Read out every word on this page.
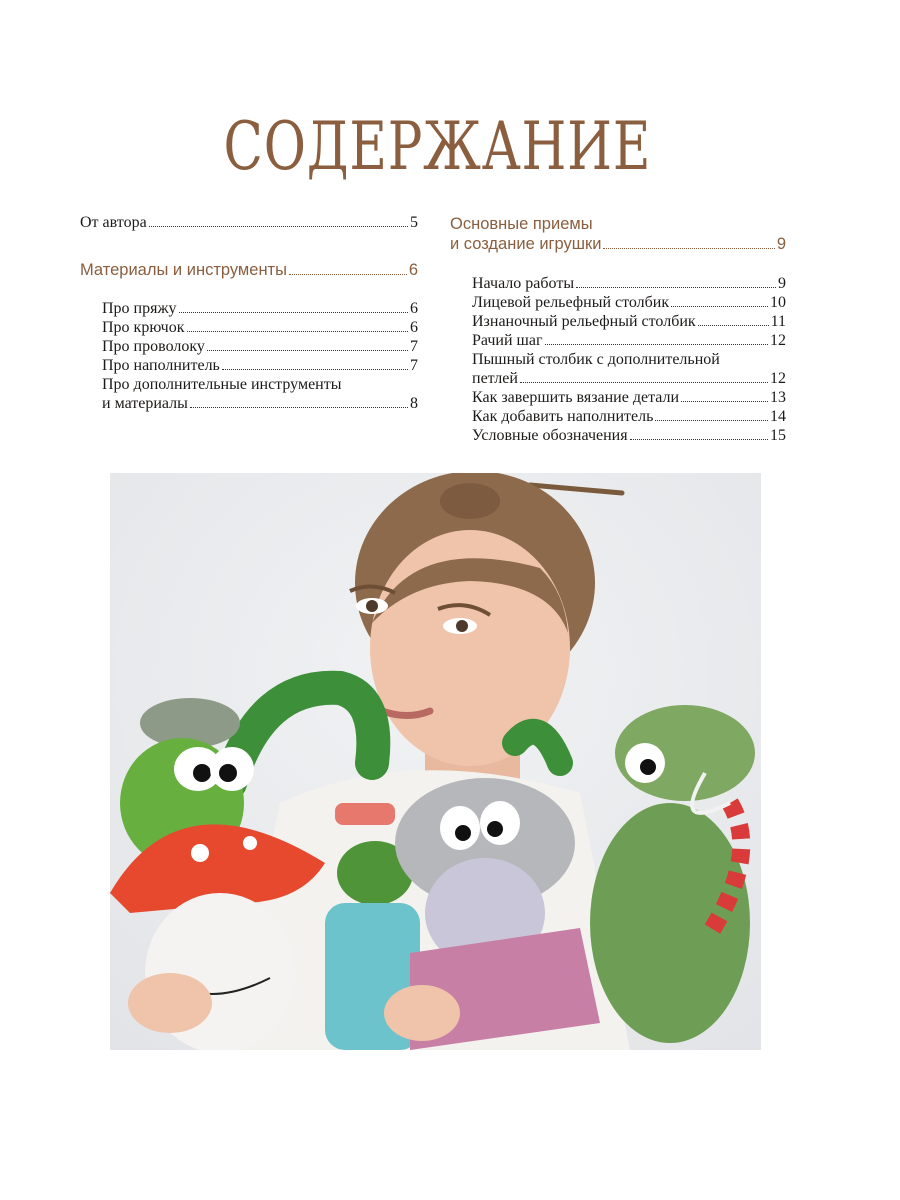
СОДЕРЖАНИЕ
От автора	5
Материалы и инструменты	6
Про пряжу	6
Про крючок	6
Про проволоку	7
Про наполнитель	7
Про дополнительные инструменты
и материалы	8
Основные приемы
и создание игрушки	9
Начало работы	9
Лицевой рельефный столбик	10
Изнаночный рельефный столбик	11
Рачий шаг	12
Пышный столбик с дополнительной
петлей	12
Как завершить вязание детали	13
Как добавить наполнитель	14
Условные обозначения	15
